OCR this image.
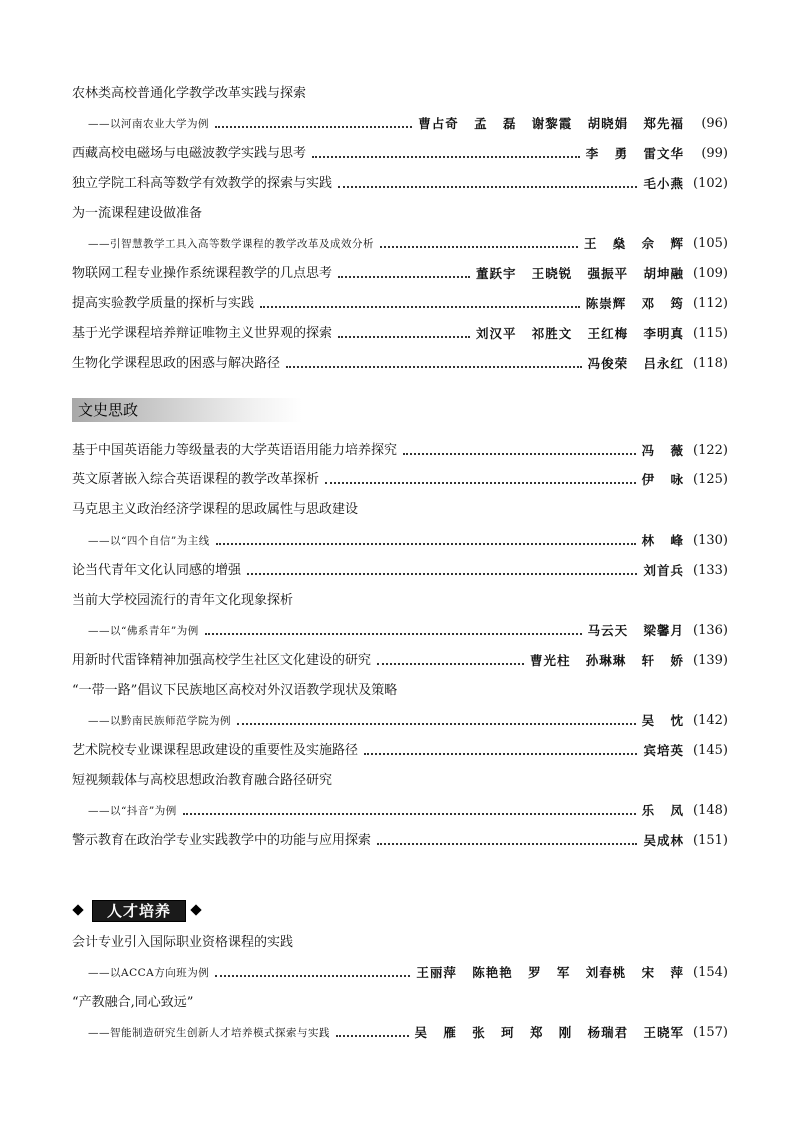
农林类高校普通化学教学改革实践与探索
——以河南农业大学为例	曹占奇 孟 磊 谢黎霞 胡晓娟 郑先福	(96)
西藏高校电磁场与电磁波教学实践与思考	李 勇 雷文华	(99)
独立学院工科高等数学有效教学的探索与实践	毛小燕 (102)
为一流课程建设做准备
——引智慧教学工具入高等数学课程的教学改革及成效分析	王 燊 佘 辉 (105)
物联网工程专业操作系统课程教学的几点思考	董跃宇 王晓锐 强振平 胡坤融 (109)
提高实验教学质量的探析与实践	陈崇辉 邓 筠 (112)
基于光学课程培养辩证唯物主义世界观的探索	刘汉平 祁胜文 王红梅 李明真 (115)
生物化学课程思政的困惑与解决路径	冯俊荣 吕永红 (118)
文史思政
基于中国英语能力等级量表的大学英语语用能力培养探究	冯 薇 (122)
英文原著嵌入综合英语课程的教学改革探析	伊 咏 (125)
马克思主义政治经济学课程的思政属性与思政建设
——以“四个自信”为主线	林 峰 (130)
论当代青年文化认同感的增强	刘首兵 (133)
当前大学校园流行的青年文化现象探析
——以“佛系青年”为例	马云天 梁馨月 (136)
用新时代雷锋精神加强高校学生社区文化建设的研究	曹光柱 孙琳琳 轩 娇 (139)
“一带一路”倡议下民族地区高校对外汉语教学现状及策略
——以黔南民族师范学院为例	吴 忱 (142)
艺术院校专业课课程思政建设的重要性及实施路径	宾培英 (145)
短视频载体与高校思想政治教育融合路径研究
——以“抖音”为例	乐 凤 (148)
警示教育在政治学专业实践教学中的功能与应用探索	吴成林 (151)
人才培养
会计专业引入国际职业资格课程的实践
——以ACCA方向班为例	王丽萍 陈艳艳 罗 军 刘春桃 宋 萍 (154)
“产教融合,同心致远”
——智能制造研究生创新人才培养模式探索与实践	吴 雁 张 珂 郑 刚 杨瑞君 王晓军 (157)
